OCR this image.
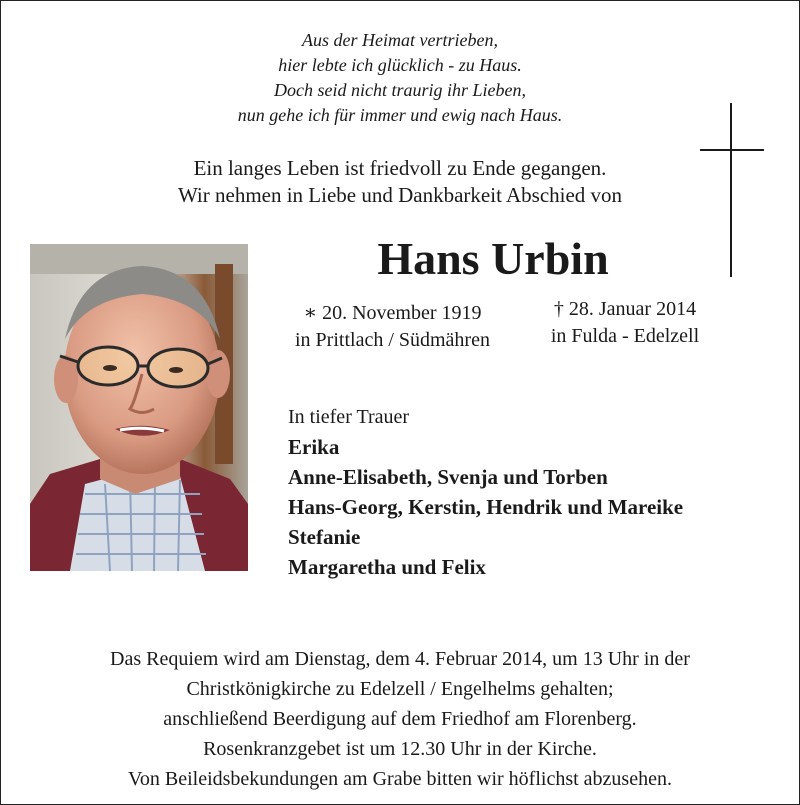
Aus der Heimat vertrieben,
hier lebte ich glücklich - zu Haus.
Doch seid nicht traurig ihr Lieben,
nun gehe ich für immer und ewig nach Haus.
Ein langes Leben ist friedvoll zu Ende gegangen.
Wir nehmen in Liebe und Dankbarkeit Abschied von
Hans Urbin
∗ 20. November 1919
in Prittlach / Südmähren
† 28. Januar 2014
in Fulda - Edelzell
In tiefer Trauer
Erika
Anne-Elisabeth, Svenja und Torben
Hans-Georg, Kerstin, Hendrik und Mareike
Stefanie
Margaretha und Felix
Das Requiem wird am Dienstag, dem 4. Februar 2014, um 13 Uhr in der
Christkönigkirche zu Edelzell / Engelhelms gehalten;
anschließend Beerdigung auf dem Friedhof am Florenberg.
Rosenkranzgebet ist um 12.30 Uhr in der Kirche.
Von Beileidsbekundungen am Grabe bitten wir höflichst abzusehen.
